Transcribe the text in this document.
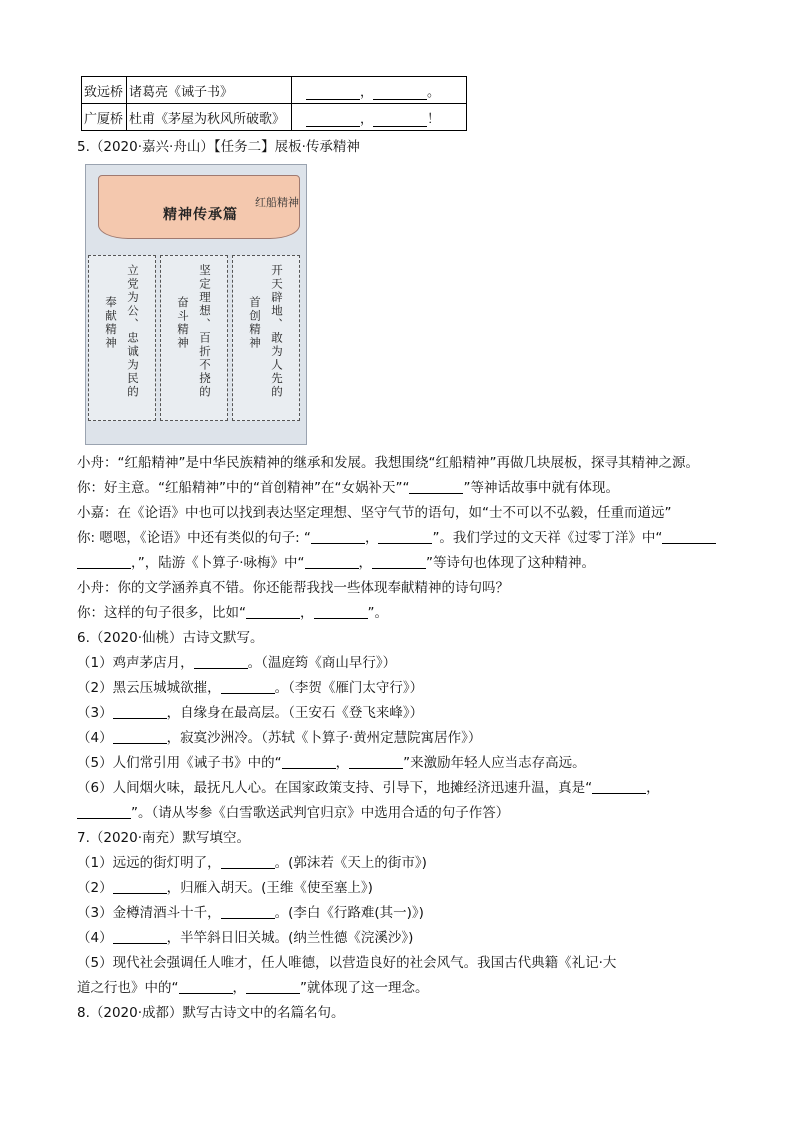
致远桥	诸葛亮《诫子书》	， 。
广厦桥	杜甫《茅屋为秋风所破歌》	， ！
5.（2020·嘉兴·舟山）【任务二】展板·传承精神
精神传承篇
红船精神
立党为公、忠诚为民的
奉献精神	坚定理想、百折不挠的
奋斗精神	开天辟地、敢为人先的
首创精神
小舟：“红船精神”是中华民族精神的继承和发展。我想围绕“红船精神”再做几块展板，探寻其精神之源。
你：好主意。“红船精神”中的“首创精神”在“女娲补天”“	”等神话故事中就有体现。
小嘉：在《论语》中也可以找到表达坚定理想、坚守气节的语句，如“士不可以不弘毅，任重而道远”
你: 嗯嗯，《论语》中还有类似的句子: “	，	”。我们学过的文天祥《过零丁洋》中“
，”，陆游《卜算子·咏梅》中“	，	”等诗句也体现了这种精神。
小舟：你的文学涵养真不错。你还能帮我找一些体现奉献精神的诗句吗？
你：这样的句子很多，比如“	，	”。
6.（2020·仙桃）古诗文默写。
（1）鸡声茅店月，	。（温庭筠《商山早行》）
（2）黑云压城城欲摧，	。（李贺《雁门太守行》）
（3）	，自缘身在最高层。（王安石《登飞来峰》）
（4）	，寂寞沙洲冷。（苏轼《卜算子·黄州定慧院寓居作》）
（5）人们常引用《诫子书》中的“	，	”来激励年轻人应当志存高远。
（6）人间烟火味，最抚凡人心。在国家政策支持、引导下，地摊经济迅速升温，真是“	，
”。（请从岑参《白雪歌送武判官归京》中选用合适的句子作答）
7.（2020·南充）默写填空。
（1）远远的街灯明了，	。(郭沫若《天上的街市》)
（2）	，归雁入胡天。(王维《使至塞上》)
（3）金樽清酒斗十千，	。(李白《行路难(其一)》)
（4）	，半竿斜日旧关城。(纳兰性德《浣溪沙》)
（5）现代社会强调任人唯才，任人唯德，以营造良好的社会风气。我国古代典籍《礼记·大
道之行也》中的“	，	”就体现了这一理念。
8.（2020·成都）默写古诗文中的名篇名句。
